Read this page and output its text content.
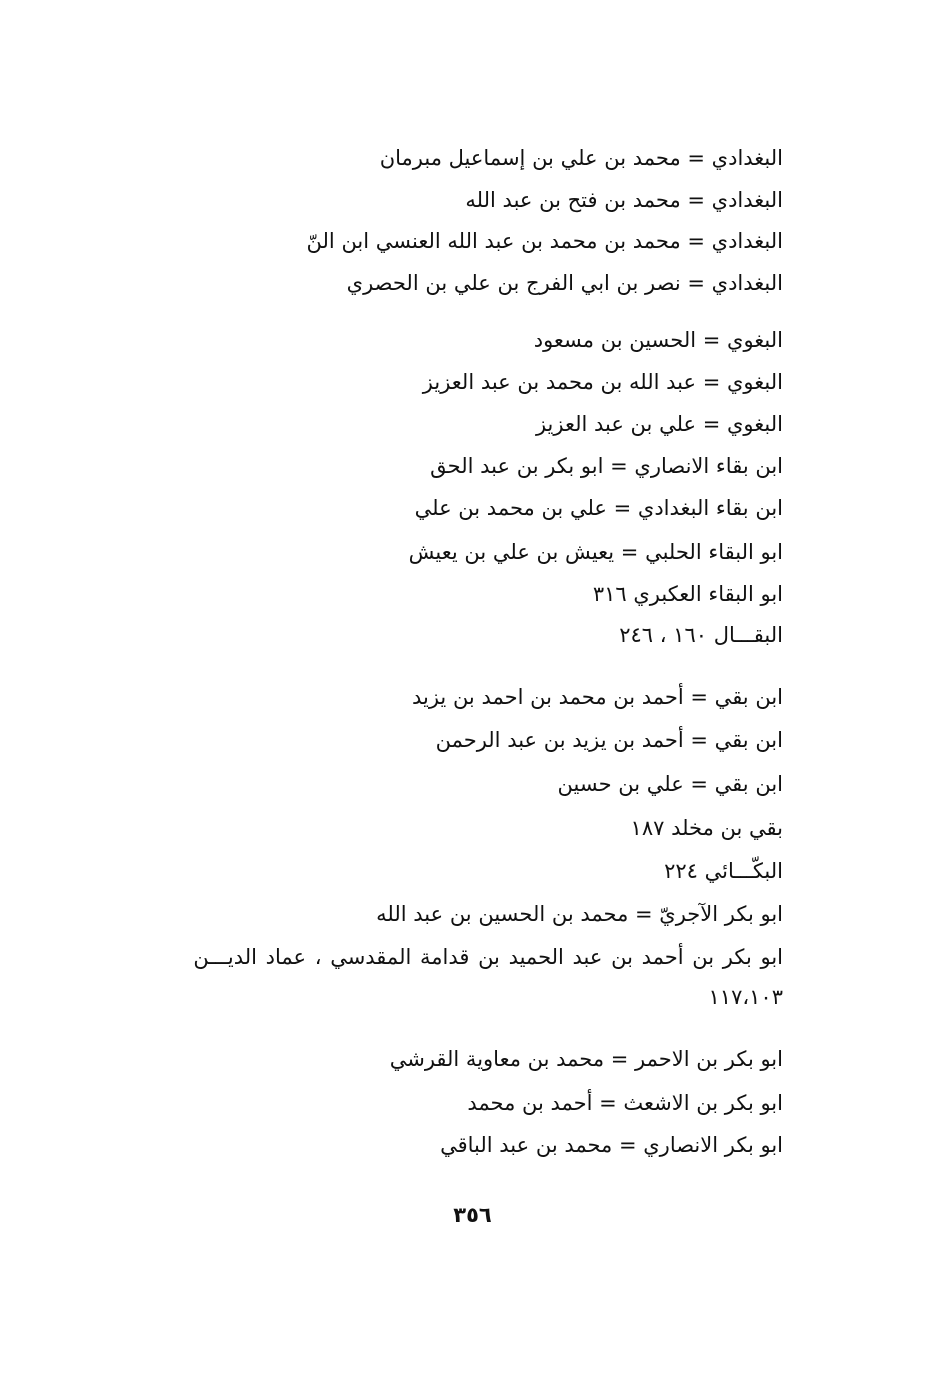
البغدادي = محمد بن علي بن إسماعيل مبرمان
البغدادي = محمد بن فتح بن عبد الله
البغدادي = محمد بن محمد بن عبد الله العنسي ابن النّ
البغدادي = نصر بن ابي الفرج بن علي بن الحصري
البغوي = الحسين بن مسعود
البغوي = عبد الله بن محمد بن عبد العزيز
البغوي = علي بن عبد العزيز
ابن بقاء الانصاري = ابو بكر بن عبد الحق
ابن بقاء البغدادي = علي بن محمد بن علي
ابو البقاء الحلبي = يعيش بن علي بن يعيش
ابو البقاء العكبري ٣١٦
البقـــال ١٦٠ ، ٢٤٦
ابن بقي = أحمد بن محمد بن احمد بن يزيد
ابن بقي = أحمد بن يزيد بن عبد الرحمن
ابن بقي = علي بن حسين
بقي بن مخلد ١٨٧
البكّـــائي ٢٢٤
ابو بكر الآجريّ = محمد بن الحسين بن عبد الله
ابو بكر بن أحمد بن عبد الحميد بن قدامة المقدسي ، عماد الديـــن
١١٧،١٠٣
ابو بكر بن الاحمر = محمد بن معاوية القرشي
ابو بكر بن الاشعث = أحمد بن محمد
ابو بكر الانصاري = محمد بن عبد الباقي
٣٥٦
